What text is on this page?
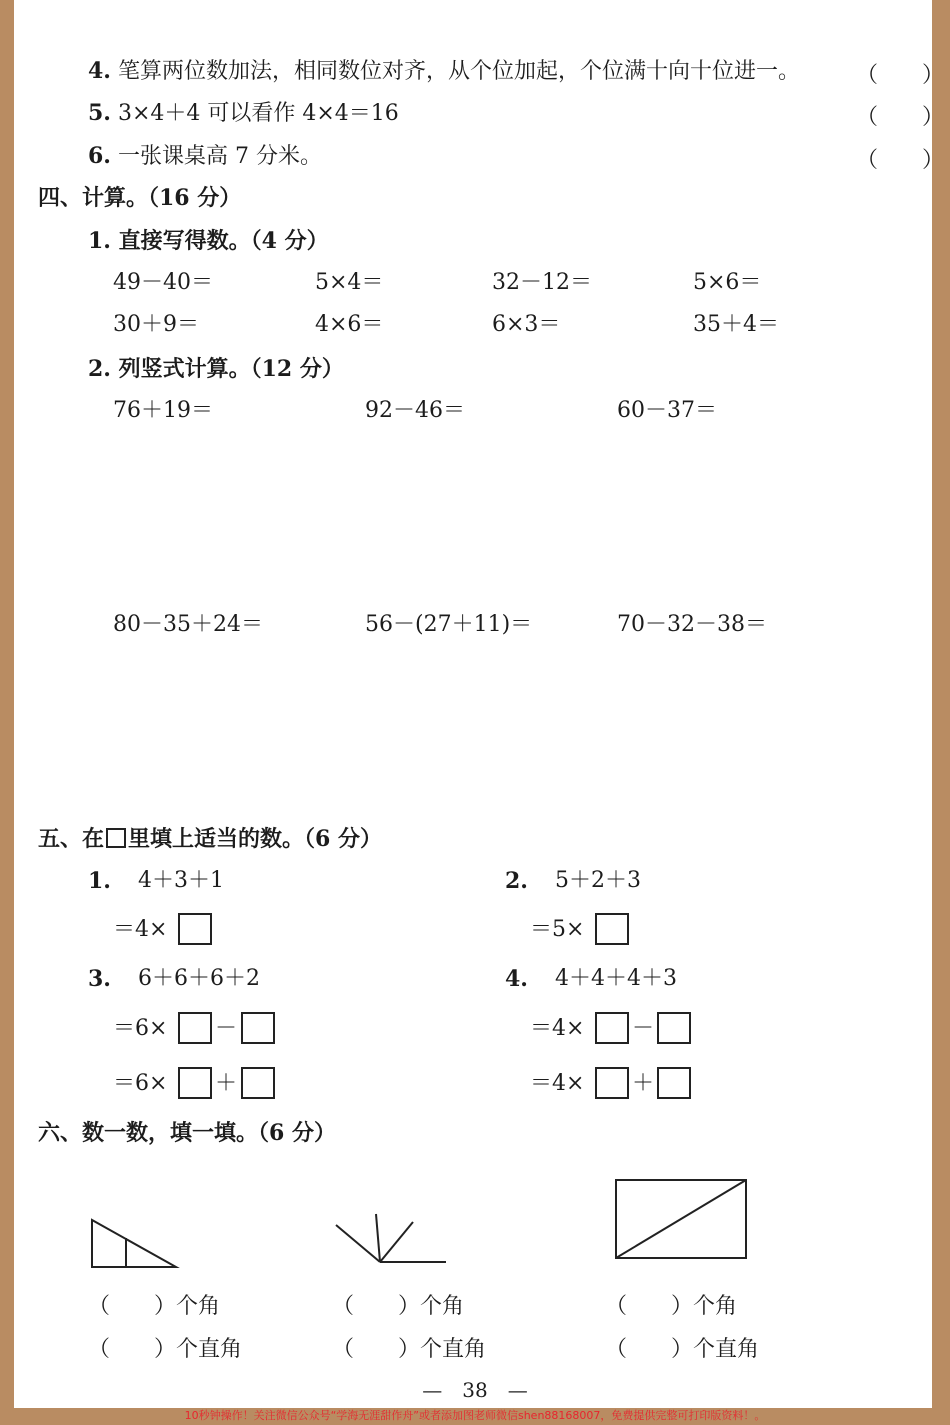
4. 笔算两位数加法，相同数位对齐，从个位加起，个位满十向十位进一。	（　　）
5. 3×4＋4 可以看作 4×4＝16	（　　）
6. 一张课桌高 7 分米。	（　　）
四、计算。（16 分）
1. 直接写得数。（4 分）
49－40＝	5×4＝	32－12＝	5×6＝
30＋9＝	4×6＝	6×3＝	35＋4＝
2. 列竖式计算。（12 分）
76＋19＝	92－46＝	60－37＝
80－35＋24＝	56－(27＋11)＝	70－32－38＝
五、在 里填上适当的数。（6 分）
1. 4＋3＋1
＝4×
2. 5＋2＋3
＝5×
3. 6＋6＋6＋2
＝6× －
＝6× ＋
4. 4＋4＋4＋3
＝4× －
＝4× ＋
六、数一数，填一填。（6 分）
（　　）个角	（　　）个角	（　　）个角
（　　）个直角	（　　）个直角	（　　）个直角
—　38　—
10秒钟操作！关注微信公众号“学海无涯甜作舟”或者添加图老师微信shen88168007，免费提供完整可打印版资料！。
